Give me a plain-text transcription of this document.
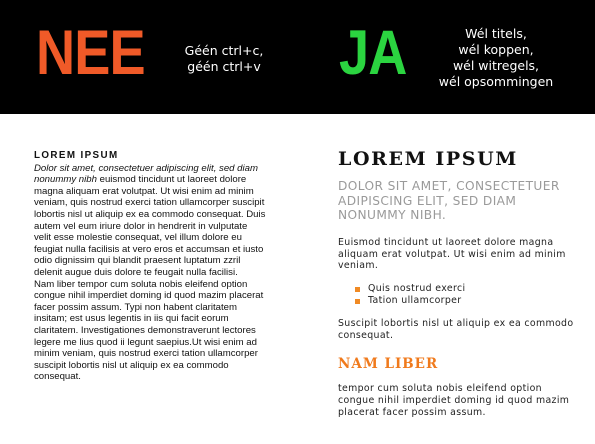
NEE	Géén ctrl+c,
géén ctrl+v	JA	Wél titels,
wél koppen,
wél witregels,
wél opsommingen
LOREM IPSUM

Dolor sit amet, consectetuer adipiscing elit, sed diam nonummy nibh euismod tincidunt ut laoreet dolore magna aliquam erat volutpat. Ut wisi enim ad minim veniam, quis nostrud exerci tation ullamcorper suscipit lobortis nisl ut aliquip ex ea commodo consequat. Duis autem vel eum iriure dolor in hendrerit in vulputate velit esse molestie consequat, vel illum dolore eu feugiat nulla facilisis at vero eros et accumsan et iusto odio dignissim qui blandit praesent luptatum zzril delenit augue duis dolore te feugait nulla facilisi.

Nam liber tempor cum soluta nobis eleifend option congue nihil imperdiet doming id quod mazim placerat facer possim assum. Typi non habent claritatem insitam; est usus legentis in iis qui facit eorum claritatem. Investigationes demonstraverunt lectores legere me lius quod ii legunt saepius.Ut wisi enim ad minim veniam, quis nostrud exerci tation ullamcorper suscipit lobortis nisl ut aliquip ex ea commodo consequat.

LOREM IPSUM

DOLOR SIT AMET, CONSECTETUER ADIPISCING ELIT, SED DIAM NONUMMY NIBH.

Euismod tincidunt ut laoreet dolore magna aliquam erat volutpat. Ut wisi enim ad minim veniam.

Quis nostrud exerci
Tation ullamcorper

Suscipit lobortis nisl ut aliquip ex ea commodo consequat.

NAM LIBER

tempor cum soluta nobis eleifend option congue nihil imperdiet doming id quod mazim placerat facer possim assum.
